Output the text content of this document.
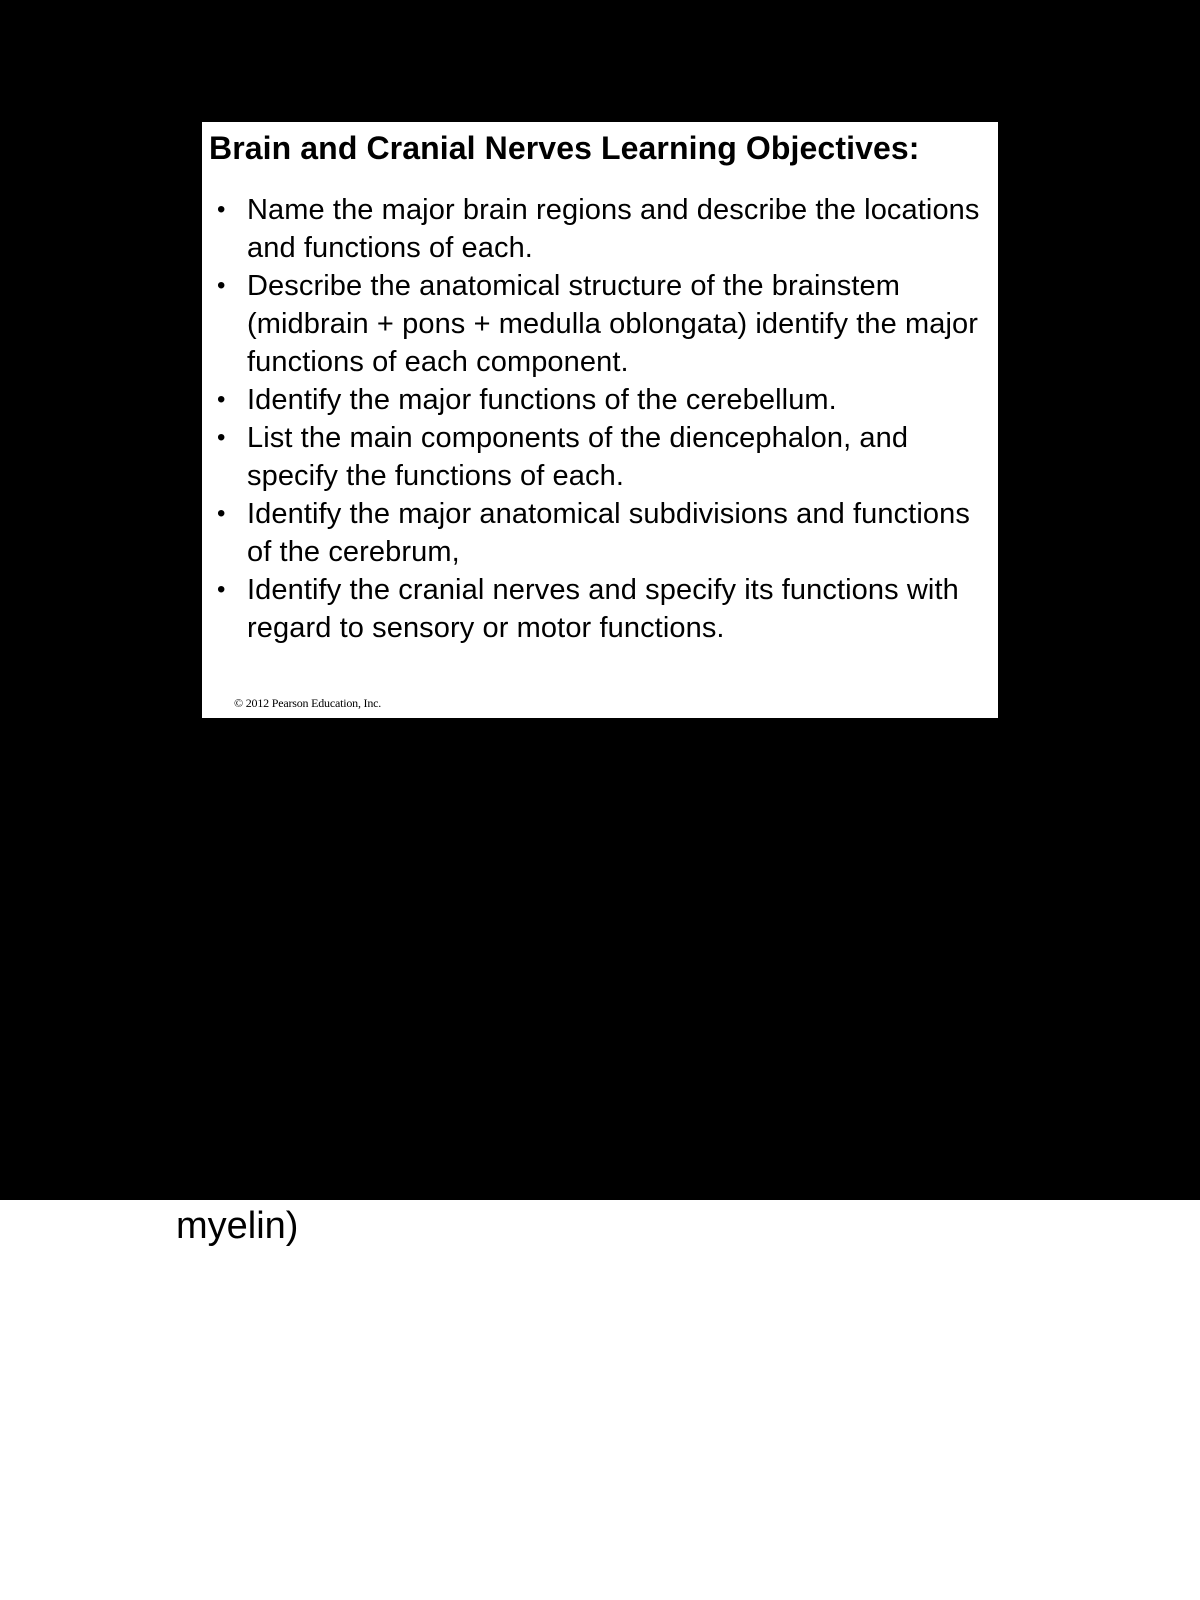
Brain and Cranial Nerves Learning Objectives:
• Name the major brain regions and describe the locations and functions of each.
• Describe the anatomical structure of the brainstem (midbrain + pons + medulla oblongata) identify the major functions of each component.
• Identify the major functions of the cerebellum.
• List the main components of the diencephalon, and specify the functions of each.
• Identify the major anatomical subdivisions and functions of the cerebrum,
• Identify the cranial nerves and specify its functions with regard to sensory or motor functions.
© 2012 Pearson Education, Inc.
myelin)
